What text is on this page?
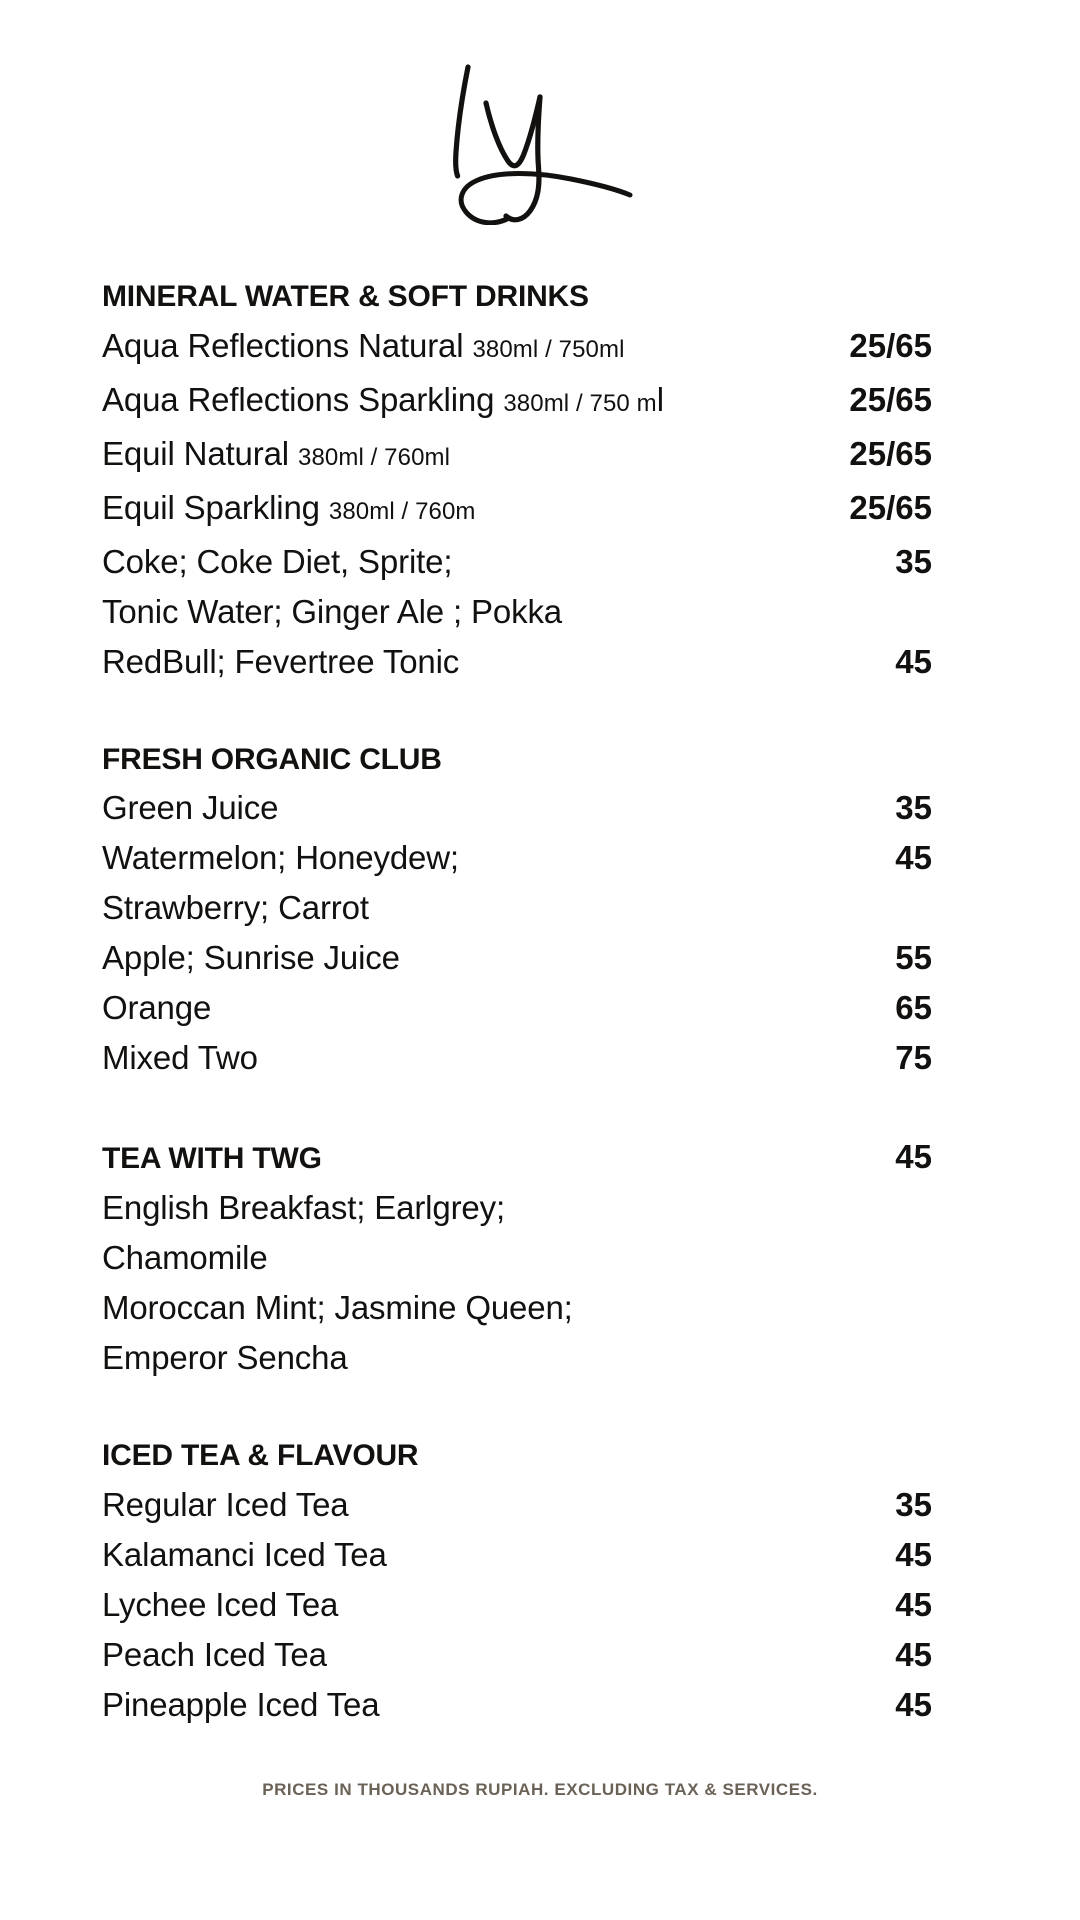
MINERAL WATER & SOFT DRINKS
Aqua Reflections Natural 380ml / 750ml	25/65
Aqua Reflections Sparkling 380ml / 750 ml	25/65
Equil Natural 380ml / 760ml	25/65
Equil Sparkling 380ml / 760m	25/65
Coke; Coke Diet, Sprite;	35
Tonic Water; Ginger Ale ; Pokka
RedBull; Fevertree Tonic	45
FRESH ORGANIC CLUB
Green Juice	35
Watermelon; Honeydew;	45
Strawberry; Carrot
Apple; Sunrise Juice	55
Orange	65
Mixed Two	75
TEA WITH TWG	45
English Breakfast; Earlgrey;
Chamomile
Moroccan Mint; Jasmine Queen;
Emperor Sencha
ICED TEA & FLAVOUR
Regular Iced Tea	35
Kalamanci Iced Tea	45
Lychee Iced Tea	45
Peach Iced Tea	45
Pineapple Iced Tea	45
PRICES IN THOUSANDS RUPIAH. EXCLUDING TAX & SERVICES.
